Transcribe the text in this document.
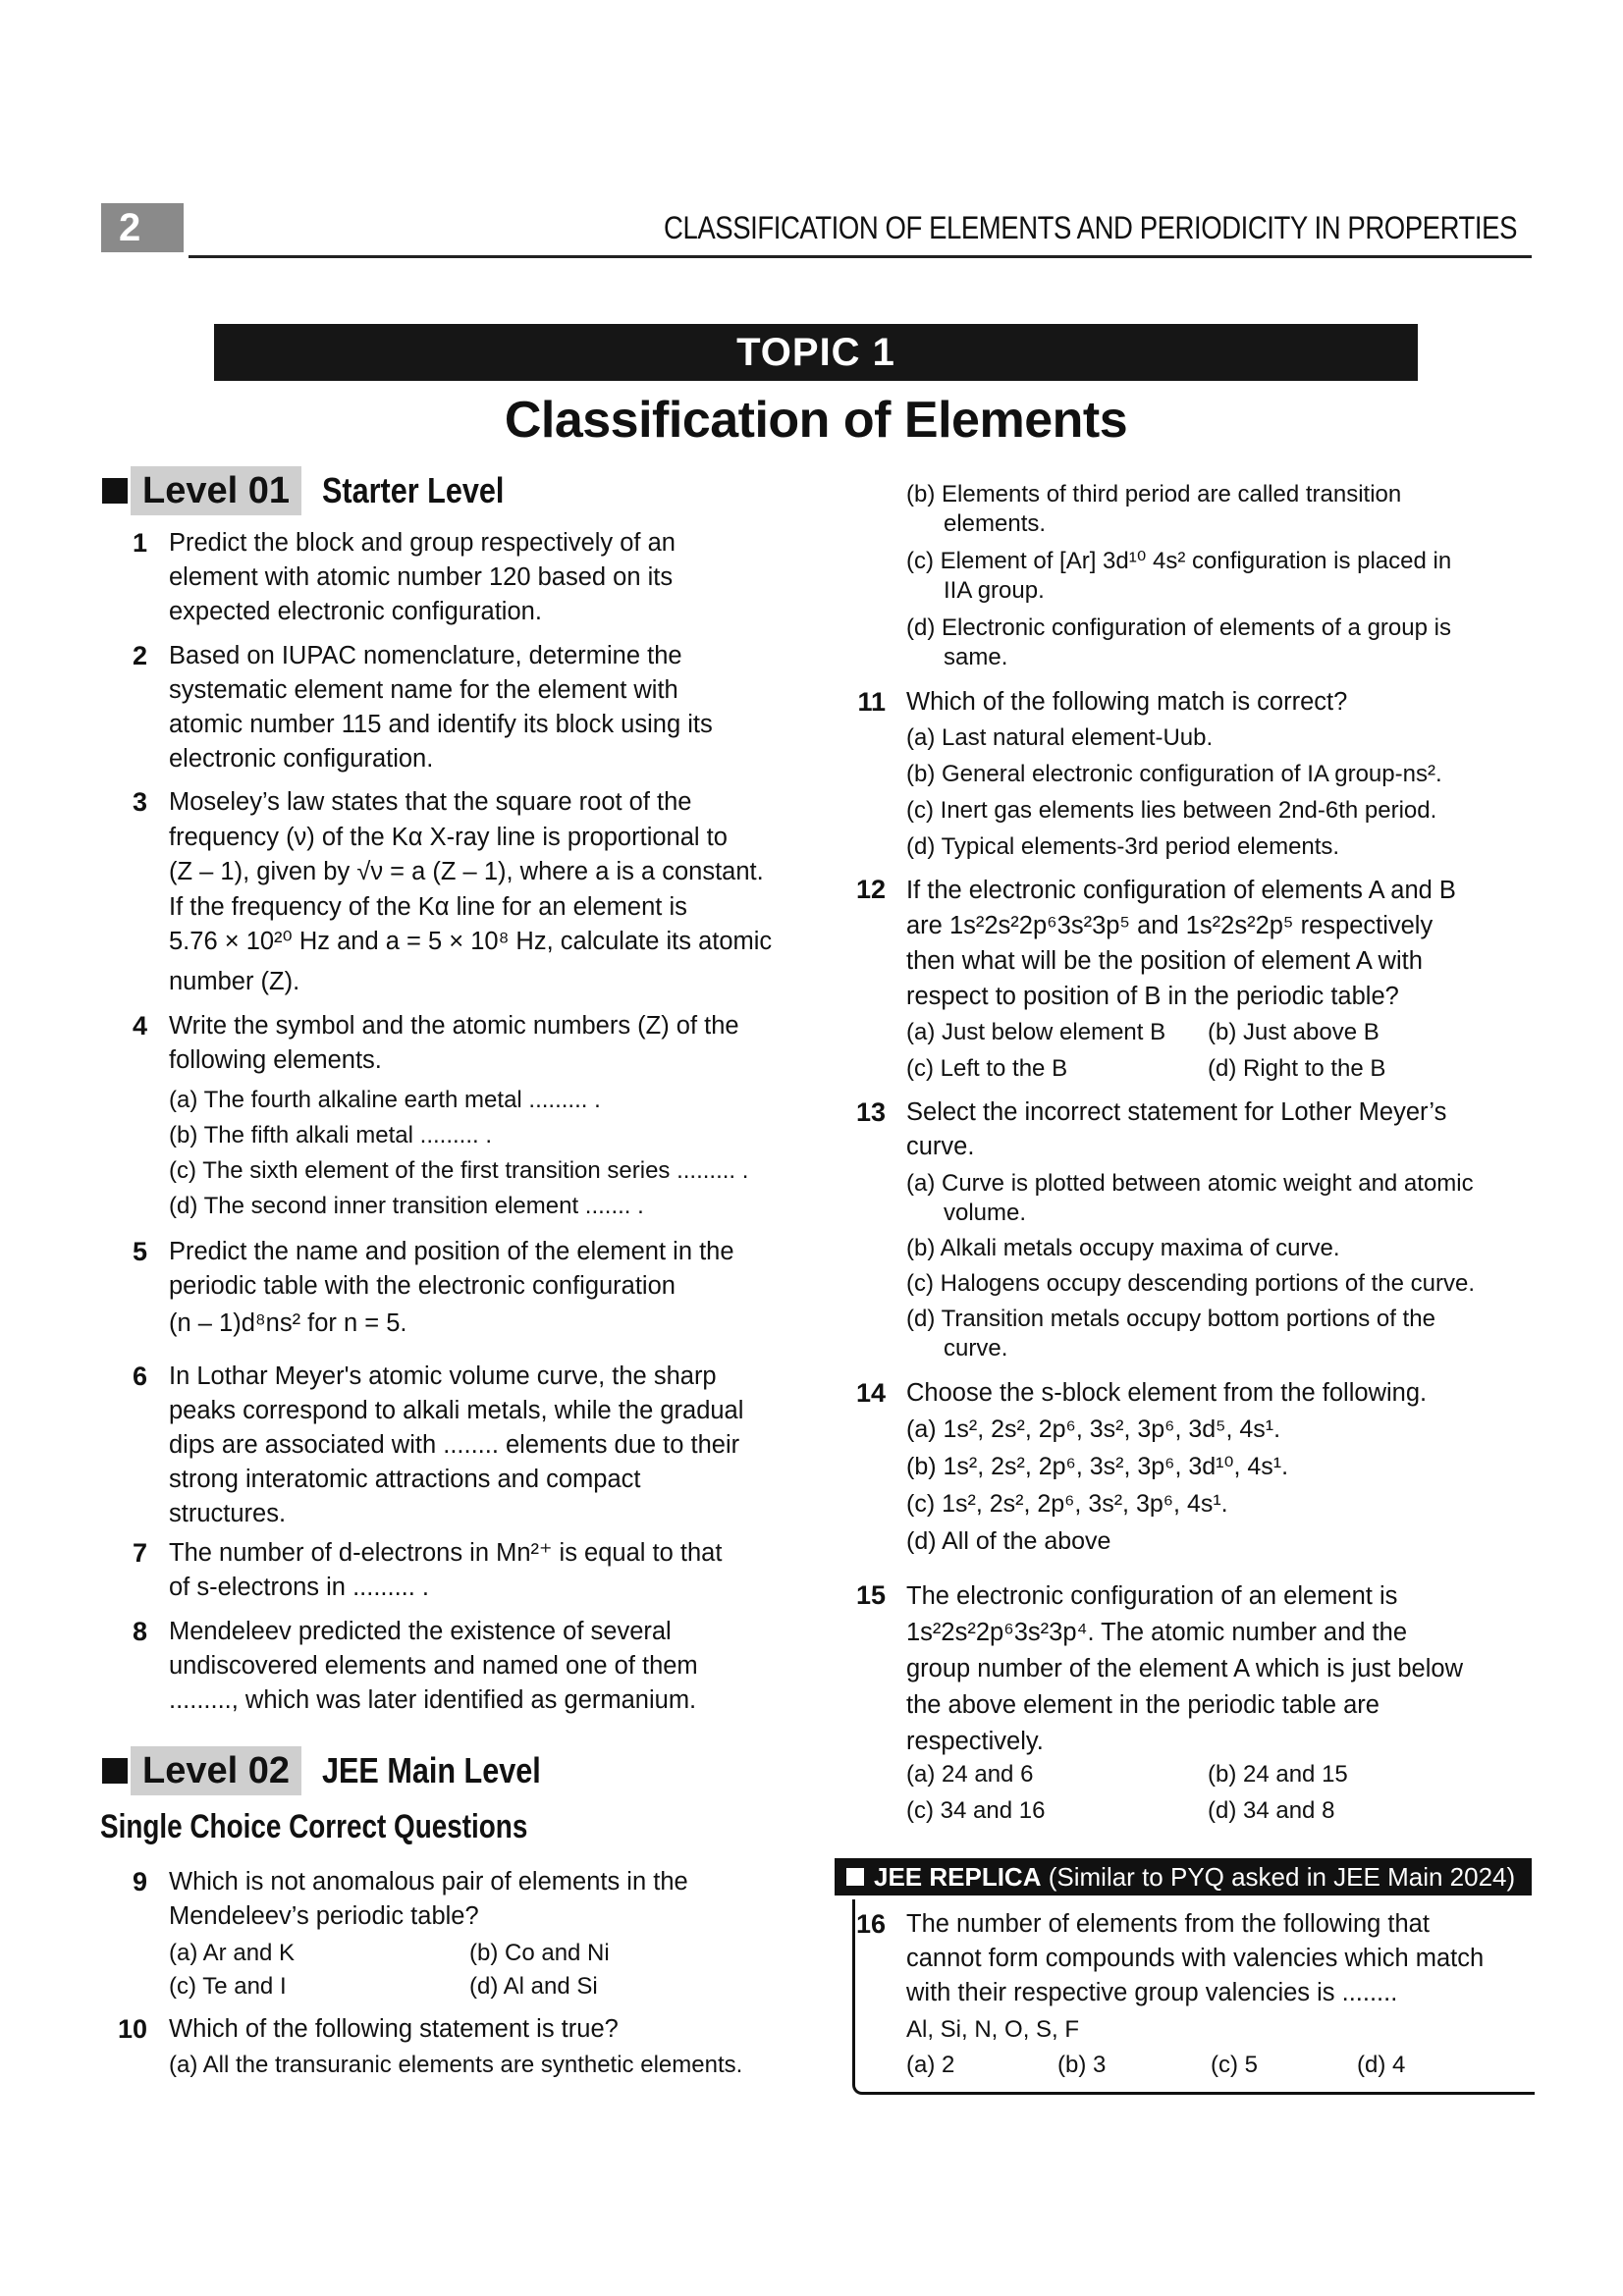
2	CLASSIFICATION OF ELEMENTS AND PERIODICITY IN PROPERTIES
TOPIC 1
Classification of Elements
Level 01 Starter Level
1 Predict the block and group respectively of an
element with atomic number 120 based on its
expected electronic configuration.
2 Based on IUPAC nomenclature, determine the
systematic element name for the element with
atomic number 115 and identify its block using its
electronic configuration.
3 Moseley’s law states that the square root of the
frequency (ν) of the Kα X-ray line is proportional to
(Z – 1), given by √ν = a (Z – 1), where a is a constant.
If the frequency of the Kα line for an element is
5.76 × 10²⁰ Hz and a = 5 × 10⁸ Hz, calculate its atomic
number (Z).
4 Write the symbol and the atomic numbers (Z) of the
following elements.
(a) The fourth alkaline earth metal ......... .
(b) The fifth alkali metal ......... .
(c) The sixth element of the first transition series ......... .
(d) The second inner transition element ....... .
5 Predict the name and position of the element in the
periodic table with the electronic configuration
(n – 1)d⁸ns² for n = 5.
6 In Lothar Meyer's atomic volume curve, the sharp
peaks correspond to alkali metals, while the gradual
dips are associated with ........ elements due to their
strong interatomic attractions and compact
structures.
7 The number of d-electrons in Mn²⁺ is equal to that
of s-electrons in ......... .
8 Mendeleev predicted the existence of several
undiscovered elements and named one of them
........., which was later identified as germanium.
Level 02 JEE Main Level
Single Choice Correct Questions
9 Which is not anomalous pair of elements in the
Mendeleev’s periodic table?
(a) Ar and K	(b) Co and Ni
(c) Te and I	(d) Al and Si
10 Which of the following statement is true?
(a) All the transuranic elements are synthetic elements.
(b) Elements of third period are called transition
elements.
(c) Element of [Ar] 3d¹⁰ 4s² configuration is placed in
IIA group.
(d) Electronic configuration of elements of a group is
same.
11 Which of the following match is correct?
(a) Last natural element-Uub.
(b) General electronic configuration of IA group-ns².
(c) Inert gas elements lies between 2nd-6th period.
(d) Typical elements-3rd period elements.
12 If the electronic configuration of elements A and B
are 1s²2s²2p⁶3s²3p⁵ and 1s²2s²2p⁵ respectively
then what will be the position of element A with
respect to position of B in the periodic table?
(a) Just below element B (b) Just above B
(c) Left to the B	(d) Right to the B
13 Select the incorrect statement for Lother Meyer’s
curve.
(a) Curve is plotted between atomic weight and atomic
volume.
(b) Alkali metals occupy maxima of curve.
(c) Halogens occupy descending portions of the curve.
(d) Transition metals occupy bottom portions of the
curve.
14 Choose the s-block element from the following.
(a) 1s², 2s², 2p⁶, 3s², 3p⁶, 3d⁵, 4s¹.
(b) 1s², 2s², 2p⁶, 3s², 3p⁶, 3d¹⁰, 4s¹.
(c) 1s², 2s², 2p⁶, 3s², 3p⁶, 4s¹.
(d) All of the above
15 The electronic configuration of an element is
1s²2s²2p⁶3s²3p⁴. The atomic number and the
group number of the element A which is just below
the above element in the periodic table are
respectively.
(a) 24 and 6	(b) 24 and 15
(c) 34 and 16	(d) 34 and 8
JEE REPLICA (Similar to PYQ asked in JEE Main 2024)
16 The number of elements from the following that
cannot form compounds with valencies which match
with their respective group valencies is ........
Al, Si, N, O, S, F
(a) 2	(b) 3	(c) 5	(d) 4
